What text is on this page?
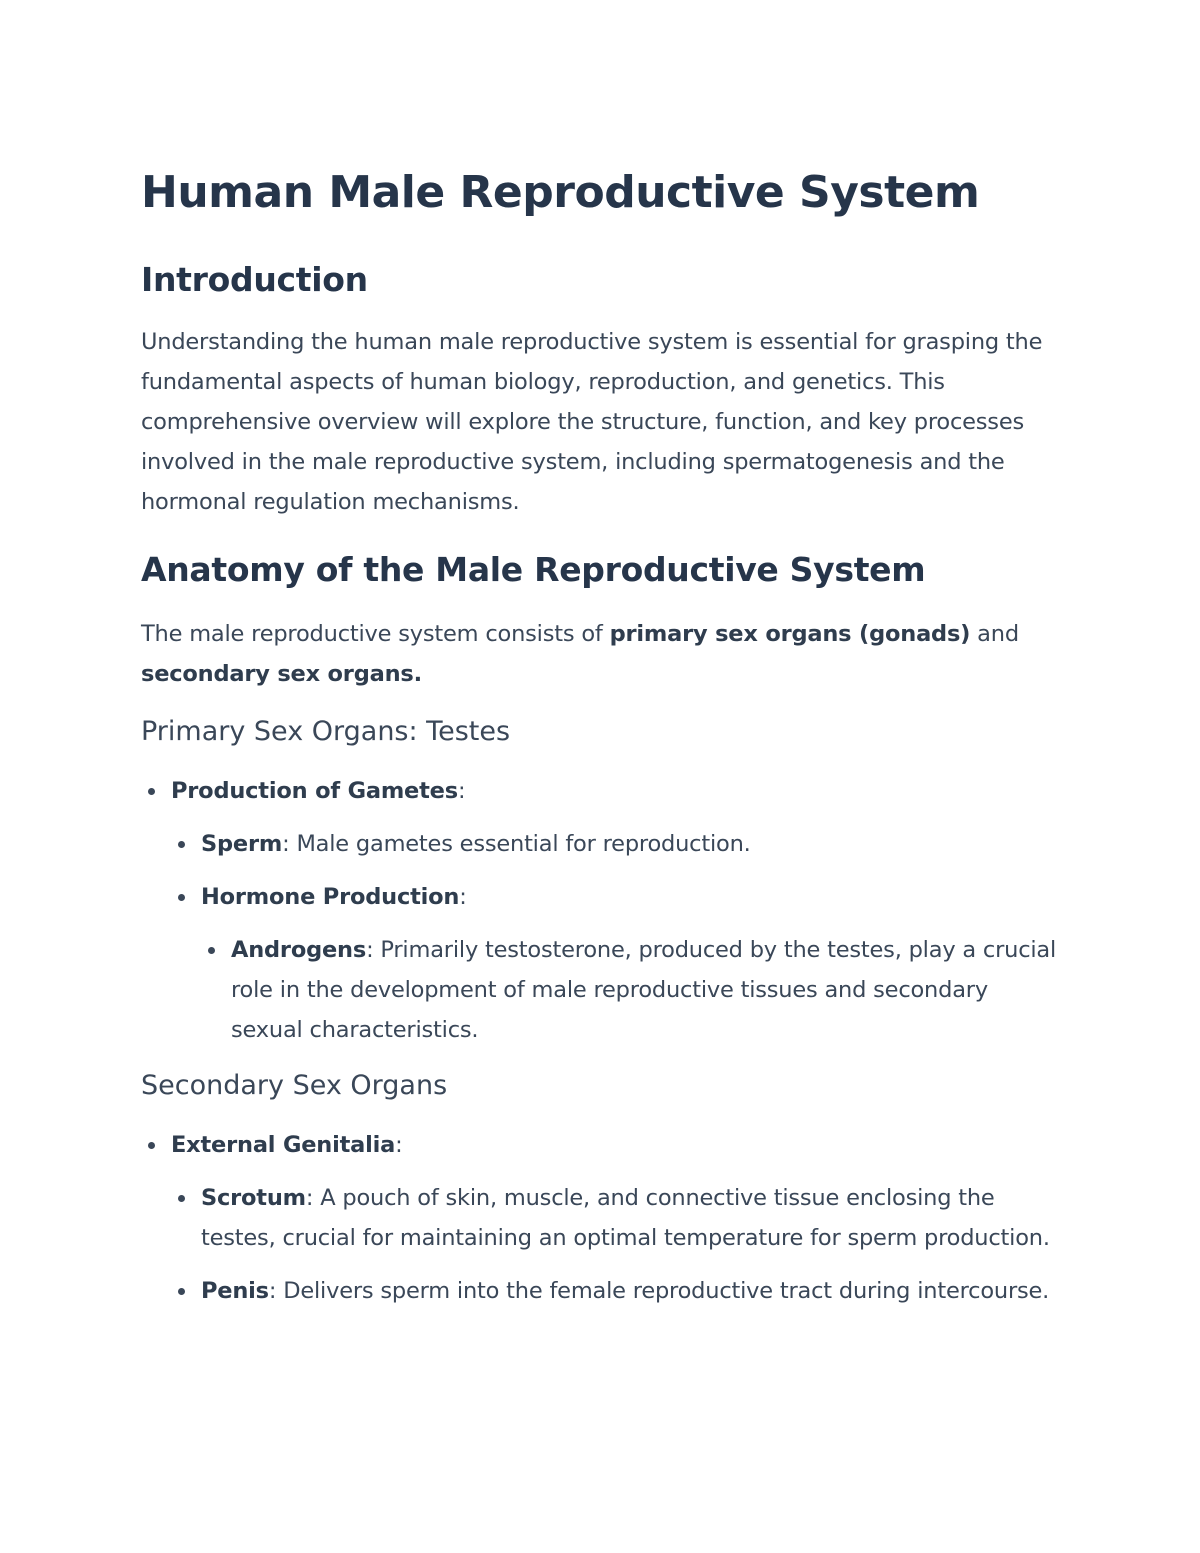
Human Male Reproductive System
Introduction

Understanding the human male reproductive system is essential for grasping the fundamental aspects of human biology, reproduction, and genetics. This comprehensive overview will explore the structure, function, and key processes involved in the male reproductive system, including spermatogenesis and the hormonal regulation mechanisms.

Anatomy of the Male Reproductive System

The male reproductive system consists of primary sex organs (gonads) and secondary sex organs.

Primary Sex Organs: Testes
Production of Gametes:
Sperm: Male gametes essential for reproduction.
Hormone Production:
Androgens: Primarily testosterone, produced by the testes, play a crucial role in the development of male reproductive tissues and secondary sexual characteristics.
Secondary Sex Organs
External Genitalia:
Scrotum: A pouch of skin, muscle, and connective tissue enclosing the testes, crucial for maintaining an optimal temperature for sperm production.
Penis: Delivers sperm into the female reproductive tract during intercourse.
